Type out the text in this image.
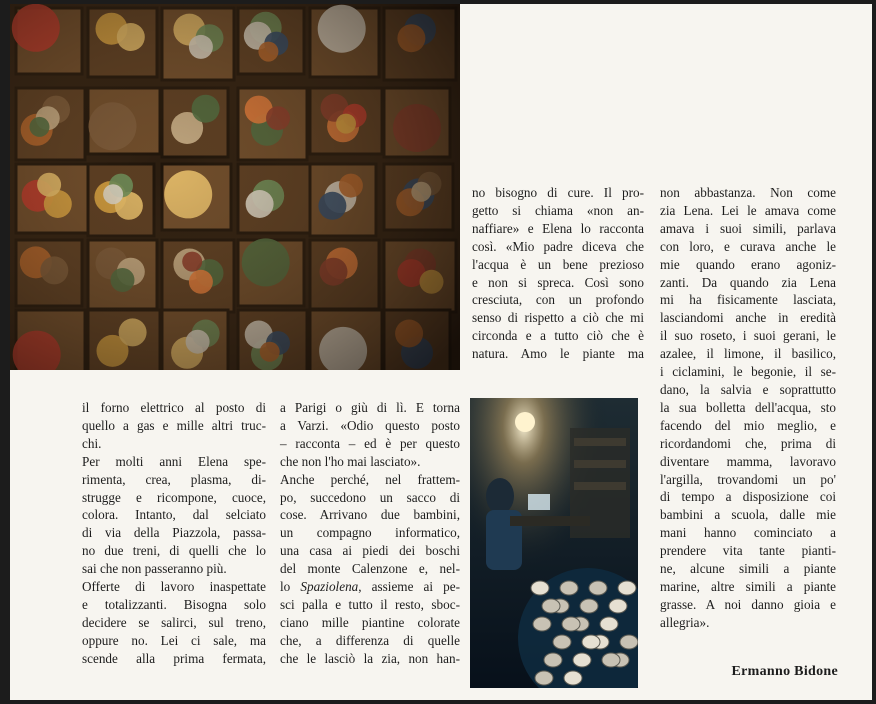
il forno elettrico al posto di
quello a gas e mille altri truc-
chi.
Per molti anni Elena spe-
rimenta, crea, plasma, di-
strugge e ricompone, cuoce,
colora. Intanto, dal selciato
di via della Piazzola, passa-
no due treni, di quelli che lo
sai che non passeranno più.
Offerte di lavoro inaspettate
e totalizzanti. Bisogna solo
decidere se salirci, sul treno,
oppure no. Lei ci sale, ma
scende alla prima fermata,
a Parigi o giù di lì. E torna
a Varzi. «Odio questo posto
– racconta – ed è per questo
che non l'ho mai lasciato».
Anche perché, nel frattem-
po, succedono un sacco di
cose. Arrivano due bambini,
un compagno informatico,
una casa ai piedi dei boschi
del monte Calenzone e, nel-
lo Spaziolena, assieme ai pe-
sci palla e tutto il resto, sboc-
ciano mille piantine colorate
che, a differenza di quelle
che le lasciò la zia, non han-
no bisogno di cure. Il pro-
getto si chiama «non an-
naffiare» e Elena lo racconta
così. «Mio padre diceva che
l'acqua è un bene prezioso
e non si spreca. Così sono
cresciuta, con un profondo
senso di rispetto a ciò che mi
circonda e a tutto ciò che è
natura. Amo le piante ma
non abbastanza. Non come
zia Lena. Lei le amava come
amava i suoi simili, parlava
con loro, e curava anche le
mie quando erano agoniz-
zanti. Da quando zia Lena
mi ha fisicamente lasciata,
lasciandomi anche in eredità
il suo roseto, i suoi gerani, le
azalee, il limone, il basilico,
i ciclamini, le begonie, il se-
dano, la salvia e soprattutto
la sua bolletta dell'acqua, sto
facendo del mio meglio, e
ricordandomi che, prima di
diventare mamma, lavoravo
l'argilla, trovandomi un po'
di tempo a disposizione coi
bambini a scuola, dalle mie
mani hanno cominciato a
prendere vita tante pianti-
ne, alcune simili a piante
marine, altre simili a piante
grasse. A noi danno gioia e
allegria».
Ermanno Bidone
